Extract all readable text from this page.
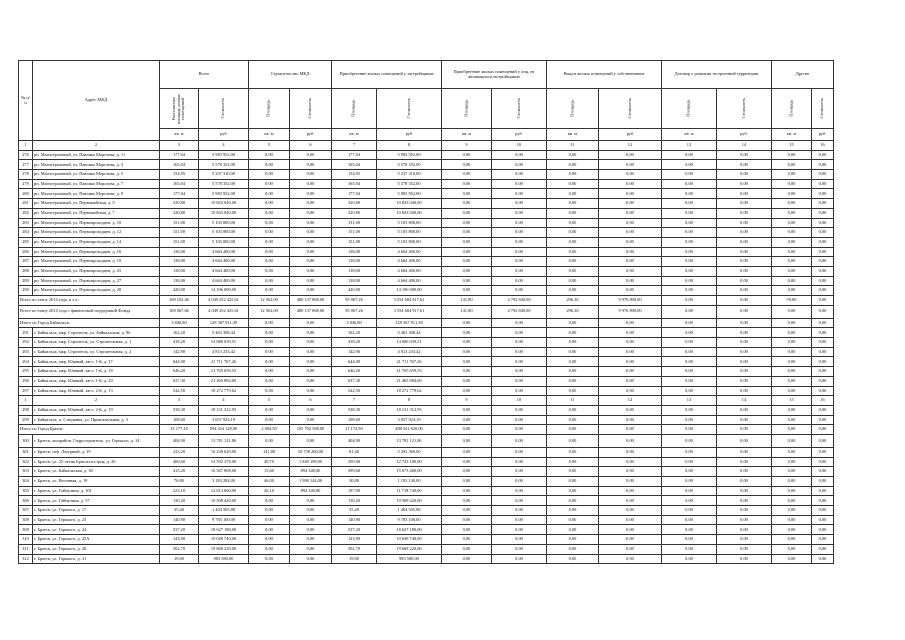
№ п/п	Адрес МКД	Всего		Строительство МКД		Приобретение жилых помещений у застройщиков		Приобретение жилых помещений у лиц, не являющихся застройщиком		Выкуп жилых помещений у собственников		Договор о развитии застроенной территории		Другие	
		Расселяемая площадь жилых помещений	Стоимость	Площадь	Стоимость	Площадь	Стоимость	Площадь	Стоимость	Площадь	Стоимость	Площадь	Стоимость	Площадь	Стоимость
		кв. м	руб	кв. м	руб.	кв. м	руб	кв. м	руб.	кв. м	руб	кв. м	руб.	кв. м	руб.
1	2	3	4	5	6	7	8	9	10	11	12	13	14	15	16
276	рп. Магистральный, ул. Павлика Морозова, д. 11	177,04	5 983 952,00	0,00	0,00	177,04	5 983 952,00	0,00	0,00	0,00	0,00	0,00	0,00	0,00	0,00
277	рп. Магистральный, ул. Павлика Морозова, д. 3	165,04	5 578 352,00	0,00	0,00	165,04	5 578 352,00	0,00	0,00	0,00	0,00	0,00	0,00	0,00	0,00
278	рп. Магистральный, ул. Павлика Морозова, д. 5	154,95	5 237 310,00	0,00	0,00	154,95	5 237 310,00	0,00	0,00	0,00	0,00	0,00	0,00	0,00	0,00
279	рп. Магистральный, ул. Павлика Морозова, д. 7	165,04	5 578 352,00	0,00	0,00	165,04	5 578 352,00	0,00	0,00	0,00	0,00	0,00	0,00	0,00	0,00
280	рп. Магистральный, ул. Павлика Морозова, д. 9	177,04	5 983 952,00	0,00	0,00	177,04	5 983 952,00	0,00	0,00	0,00	0,00	0,00	0,00	0,00	0,00
281	рп. Магистральный, ул. Первомайская, д. 5	320,80	10 843 040,00	0,00	0,00	320,80	10 843 040,00	0,00	0,00	0,00	0,00	0,00	0,00	0,00	0,00
282	рп. Магистральный, ул. Первомайская, д. 7	320,80	10 843 040,00	0,00	0,00	320,80	10 843 040,00	0,00	0,00	0,00	0,00	0,00	0,00	0,00	0,00
283	рп. Магистральный, ул. Первопроходцев, д. 10	151,00	5 103 800,00	0,00	0,00	151,00	5 103 800,00	0,00	0,00	0,00	0,00	0,00	0,00	0,00	0,00
284	рп. Магистральный, ул. Первопроходцев, д. 12	151,00	5 103 800,00	0,00	0,00	151,00	5 103 800,00	0,00	0,00	0,00	0,00	0,00	0,00	0,00	0,00
285	рп. Магистральный, ул. Первопроходцев, д. 14	151,00	5 103 800,00	0,00	0,00	151,00	5 103 800,00	0,00	0,00	0,00	0,00	0,00	0,00	0,00	0,00
286	рп. Магистральный, ул. Первопроходцев, д. 16	138,00	4 664 400,00	0,00	0,00	138,00	4 664 400,00	0,00	0,00	0,00	0,00	0,00	0,00	0,00	0,00
287	рп. Магистральный, ул. Первопроходцев, д. 19	138,00	4 664 400,00	0,00	0,00	138,00	4 664 400,00	0,00	0,00	0,00	0,00	0,00	0,00	0,00	0,00
288	рп. Магистральный, ул. Первопроходцев, д. 25	138,00	4 664 400,00	0,00	0,00	138,00	4 664 400,00	0,00	0,00	0,00	0,00	0,00	0,00	0,00	0,00
289	рп. Магистральный, ул. Первопроходцев, д. 27	138,00	4 664 400,00	0,00	0,00	138,00	4 664 400,00	0,00	0,00	0,00	0,00	0,00	0,00	0,00	0,00
290	рп. Магистральный, ул. Первопроходцев, д. 28	420,00	14 196 000,00	0,00	0,00	420,00	14 196 000,00	0,00	0,00	0,00	0,00	0,00	0,00	0,00	0,00
Всего по этапу 2014 года, в т.ч.:		108 102,46	4 049 252 425,61	12 562,00	480 137 868,00	95 067,26	3 554 604 917,61	141,80	4 792 840,00	296,30	9 976 800,00	0,00	0,00	59,80	0,00
Всего по этапу 2014 года с финансовой поддержкой Фонда		108 067,66	4 049 252 425,61	12 562,00	480 137 868,00	95 067,26	3 554 604 917,61	141,80	4 792 840,00	296,30	9 976 800,00	0,00	0,00	0,00	0,00
Итого по Город Байкальск:		3 840,80	129 367 911,39	0,00	0,00	3 840,80	129 367 911,39	0,00	0,00	0,00	0,00	0,00	0,00	0,00	0,00
291	г. Байкальск, мкр. Строитель, ул. Байкальская, д. 90	162,20	5 463 308,44	0,00	0,00	162,20	5 463 308,44	0,00	0,00	0,00	0,00	0,00	0,00	0,00	0,00
292	г. Байкальск, мкр. Строитель, ул. Строительная, д. 1	418,20	14 086 039,51	0,00	0,00	418,20	14 086 039,51	0,00	0,00	0,00	0,00	0,00	0,00	0,00	0,00
293	г. Байкальск, мкр. Строитель, ул. Строительная, д. 2	142,90	4 813 233,42	0,00	0,00	142,90	4 813 233,42	0,00	0,00	0,00	0,00	0,00	0,00	0,00	0,00
294	г. Байкальск, мкр. Южный, кв-л. 1-й, д. 17	644,00	21 711 767,26	0,00	0,00	644,00	21 711 767,26	0,00	0,00	0,00	0,00	0,00	0,00	0,00	0,00
295	г. Байкальск, мкр. Южный, кв-л. 1-й, д. 18	646,20	21 765 659,53	0,00	0,00	646,20	21 765 659,53	0,00	0,00	0,00	0,00	0,00	0,00	0,00	0,00
296	г. Байкальск, мкр. Южный, кв-л. 1-й, д. 20	637,30	21 465 884,69	0,00	0,00	637,30	21 465 884,69	0,00	0,00	0,00	0,00	0,00	0,00	0,00	0,00
297	г. Байкальск, мкр. Южный, кв-л. 2-й, д. 13	542,50	18 272 779,62	0,00	0,00	542,50	18 272 779,62	0,00	0,00	0,00	0,00	0,00	0,00	0,00	0,00
1	2	3	4	5	6	7	8	9	10	11	12	13	14	15	16
298	г. Байкальск, мкр. Южный, кв-л. 2-й, д. 19	538,30	18 131 312,93	0,00	0,00	538,30	18 131 312,93	0,00	0,00	0,00	0,00	0,00	0,00	0,00	0,00
299	г. Байкальск, п. Слюдянка, ул. Привокзальная, д. 3	108,60	3 657 924,19	0,00	0,00	108,60	3 657 924,19	0,00	0,00	0,00	0,00	0,00	0,00	0,00	0,00
Итого по Город Братск:		13 177,10	594 324 128,00	2 004,50	105 702 508,00	11 172,50	488 541 620,00	0,00	0,00	0,00	0,00	0,00	0,00	0,00	0,00
300	г. Братск, жилрайон. Гидростроитель, ул. Горького, д. 14	404,90	13 781 121,86	0,00	0,00	404,90	13 781 121,86	0,00	0,00	0,00	0,00	0,00	0,00	0,00	0,00
301	г. Братск, пер. Лазурный, д. 19	223,20	16 230 620,00	141,80	10 738 260,00	81,40	5 492 360,00	0,00	0,00	0,00	0,00	0,00	0,00	0,00	0,00
302	г. Братск, ул. 25-летия Братскгэсстроя, д. 26	400,60	14 592 378,00	49,70	1 849 198,00	350,90	12 743 180,00	0,00	0,00	0,00	0,00	0,00	0,00	0,00	0,00
303	г. Братск, ул. Байкальская, д. 38	415,20	16 567 808,00	15,60	894 348,00	399,60	15 673 460,00	0,00	0,00	0,00	0,00	0,00	0,00	0,00	0,00
304	г. Братск, ул. Весенняя, д. 19	76,80	3 183 284,00	46,00	1 990 144,00	30,80	1 193 140,00	0,00	0,00	0,00	0,00	0,00	0,00	0,00	0,00
305	г. Братск, ул. Гайнулина, д. 101	223,10	12 613 060,00	26,10	894 340,00	197,00	11 718 740,00	0,00	0,00	0,00	0,00	0,00	0,00	0,00	0,00
306	г. Братск, ул. Гайнулина, д. 57	130,20	10 508 420,00	0,00	0,00	130,20	10 508 420,00	0,00	0,00	0,00	0,00	0,00	0,00	0,00	0,00
307	г. Братск, ул. Горького, д. 17	35,40	1 404 505,88	0,00	0,00	35,40	1 404 505,88	0,00	0,00	0,00	0,00	0,00	0,00	0,00	0,00
308	г. Братск, ул. Горького, д. 23	140,90	9 783 100,00	0,00	0,00	140,90	9 783 100,00	0,00	0,00	0,00	0,00	0,00	0,00	0,00	0,00
309	г. Братск, ул. Горького, д. 24	537,20	18 627 180,00	0,00	0,00	537,20	18 627 180,00	0,00	0,00	0,00	0,00	0,00	0,00	0,00	0,00
310	г. Братск, ул. Горького, д. 25А	143,90	10 048 740,00	0,00	0,00	143,90	10 048 740,00	0,00	0,00	0,00	0,00	0,00	0,00	0,00	0,00
311	г. Братск, ул. Горького, д. 26	502,70	19 668 220,00	0,00	0,00	502,70	19 668 220,00	0,00	0,00	0,00	0,00	0,00	0,00	0,00	0,00
312	г. Братск, ул. Горького, д. 31	19,80	983 580,00	0,00	0,00	19,80	983 580,00	0,00	0,00	0,00	0,00	0,00	0,00	0,00	0,00
